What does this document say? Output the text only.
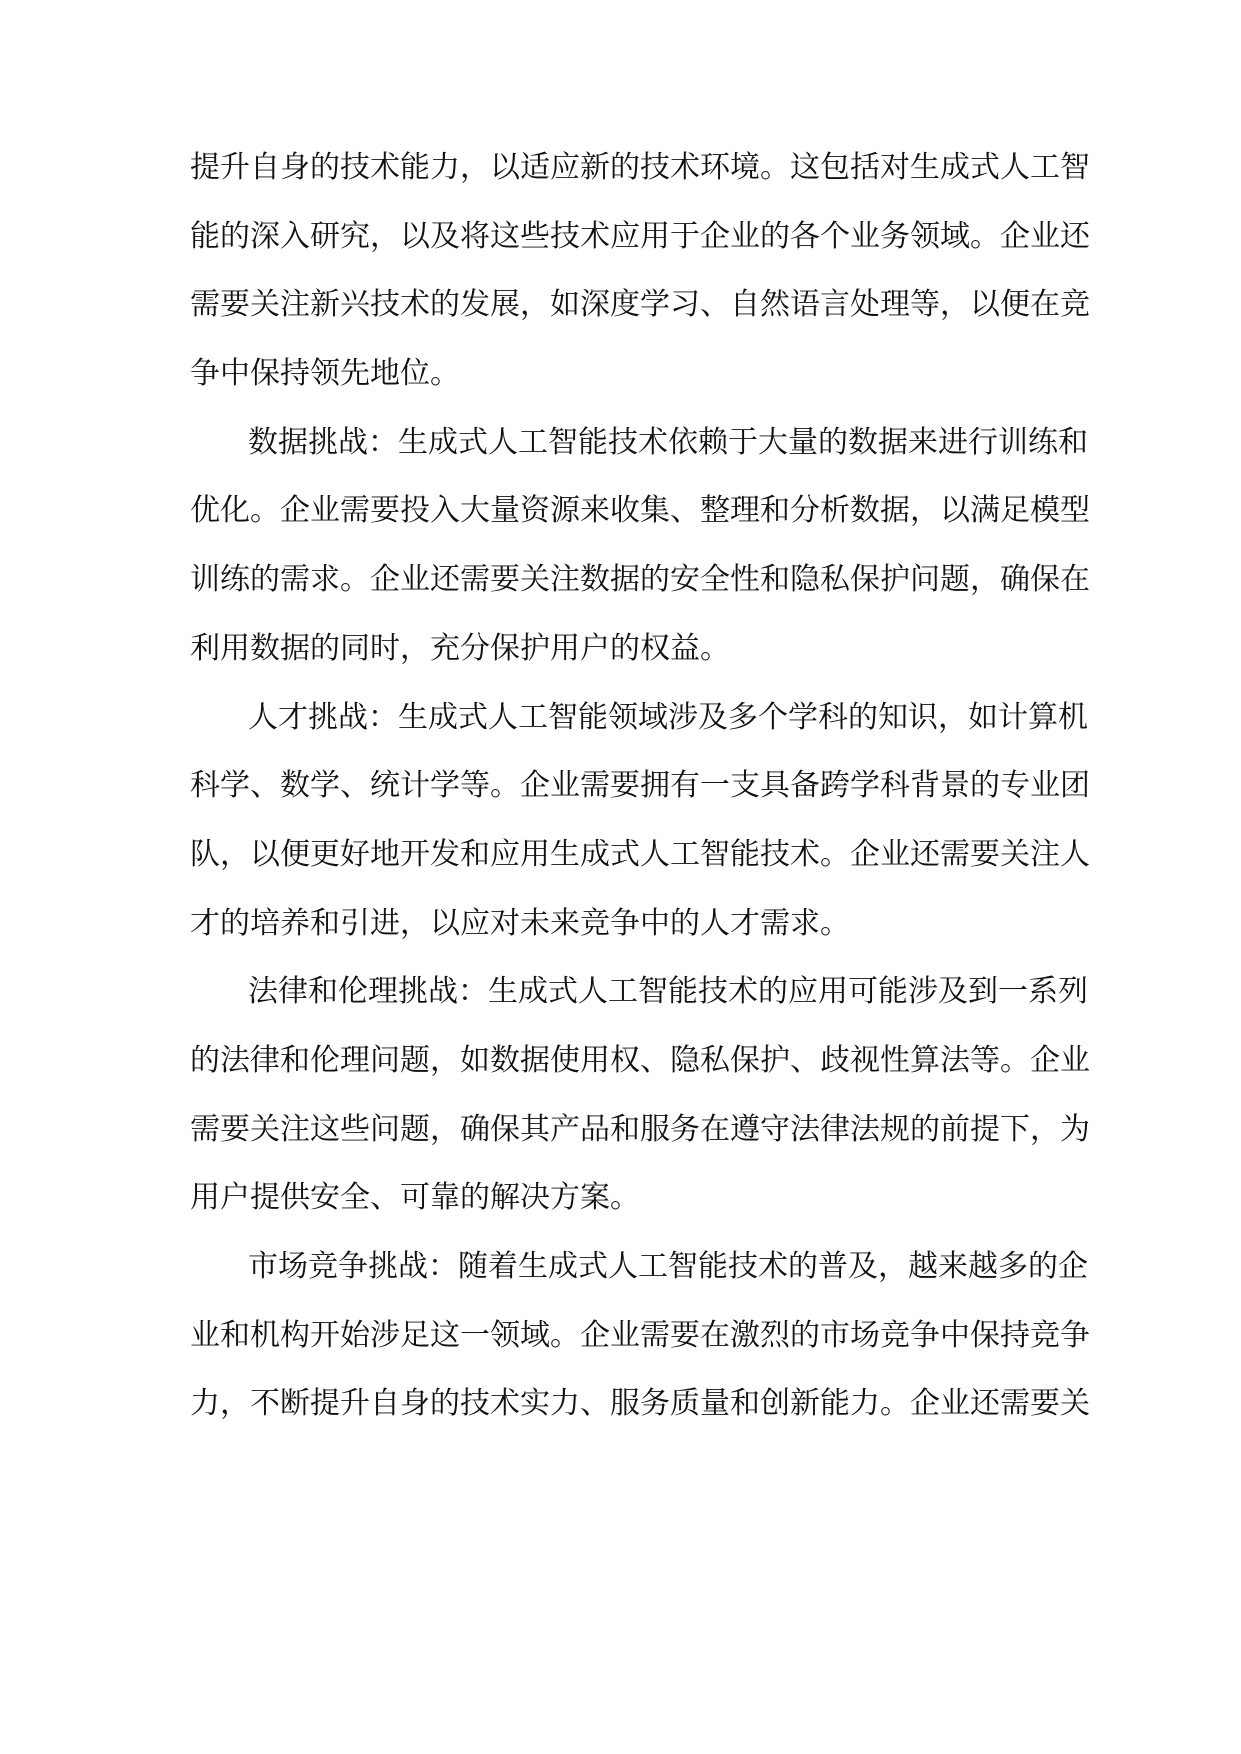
提升自身的技术能力，以适应新的技术环境。这包括对生成式人工智
能的深入研究，以及将这些技术应用于企业的各个业务领域。企业还
需要关注新兴技术的发展，如深度学习、自然语言处理等，以便在竞
争中保持领先地位。
数据挑战：生成式人工智能技术依赖于大量的数据来进行训练和
优化。企业需要投入大量资源来收集、整理和分析数据，以满足模型
训练的需求。企业还需要关注数据的安全性和隐私保护问题，确保在
利用数据的同时，充分保护用户的权益。
人才挑战：生成式人工智能领域涉及多个学科的知识，如计算机
科学、数学、统计学等。企业需要拥有一支具备跨学科背景的专业团
队，以便更好地开发和应用生成式人工智能技术。企业还需要关注人
才的培养和引进，以应对未来竞争中的人才需求。
法律和伦理挑战：生成式人工智能技术的应用可能涉及到一系列
的法律和伦理问题，如数据使用权、隐私保护、歧视性算法等。企业
需要关注这些问题，确保其产品和服务在遵守法律法规的前提下，为
用户提供安全、可靠的解决方案。
市场竞争挑战：随着生成式人工智能技术的普及，越来越多的企
业和机构开始涉足这一领域。企业需要在激烈的市场竞争中保持竞争
力，不断提升自身的技术实力、服务质量和创新能力。企业还需要关
